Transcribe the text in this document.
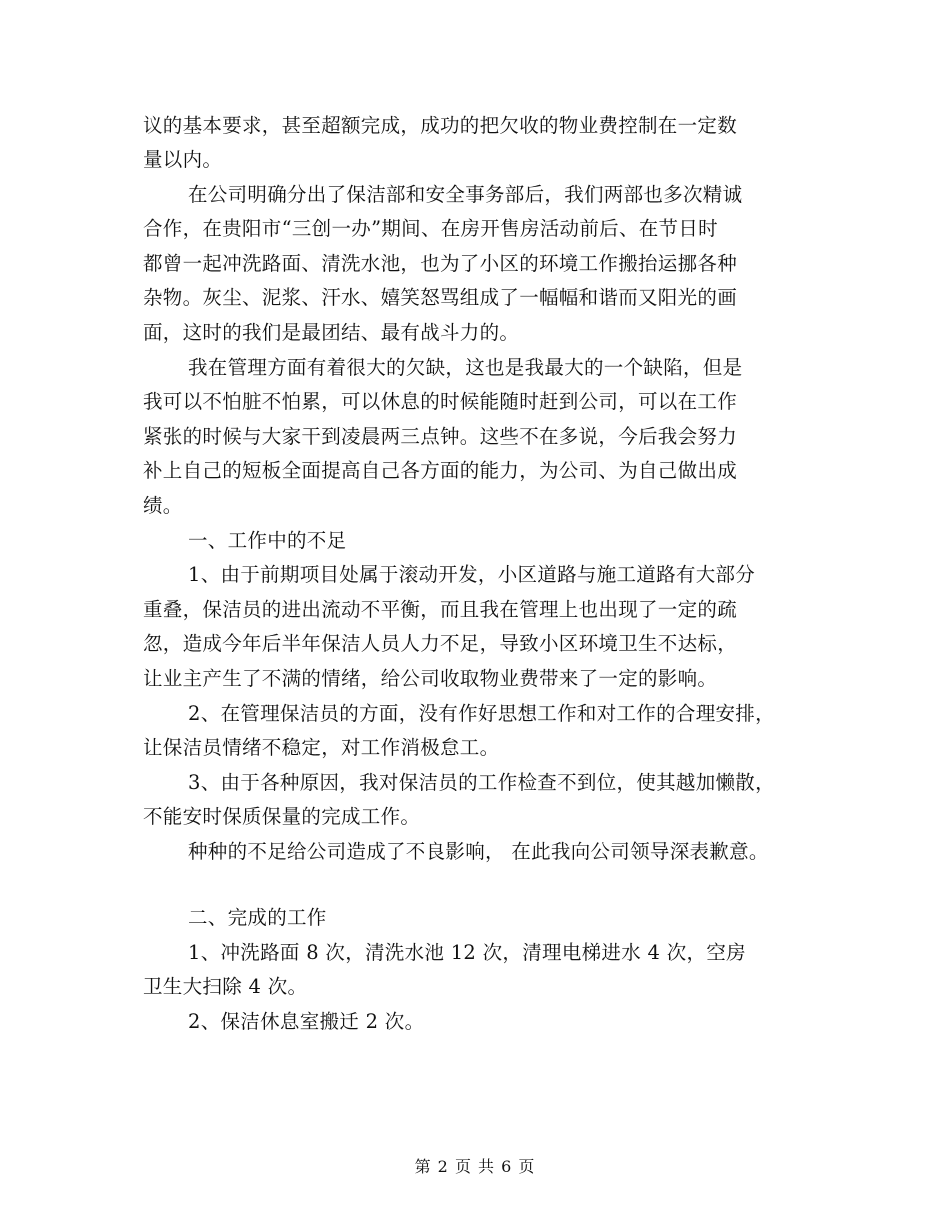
议的基本要求，甚至超额完成，成功的把欠收的物业费控制在一定数
量以内。
在公司明确分出了保洁部和安全事务部后，我们两部也多次精诚
合作，在贵阳市“三创一办”期间、在房开售房活动前后、在节日时
都曾一起冲洗路面、清洗水池，也为了小区的环境工作搬抬运挪各种
杂物。灰尘、泥浆、汗水、嬉笑怒骂组成了一幅幅和谐而又阳光的画
面，这时的我们是最团结、最有战斗力的。
我在管理方面有着很大的欠缺，这也是我最大的一个缺陷，但是
我可以不怕脏不怕累，可以休息的时候能随时赶到公司，可以在工作
紧张的时候与大家干到凌晨两三点钟。这些不在多说，今后我会努力
补上自己的短板全面提高自己各方面的能力，为公司、为自己做出成
绩。
一、工作中的不足
1、由于前期项目处属于滚动开发，小区道路与施工道路有大部分
重叠，保洁员的进出流动不平衡，而且我在管理上也出现了一定的疏
忽，造成今年后半年保洁人员人力不足，导致小区环境卫生不达标，
让业主产生了不满的情绪，给公司收取物业费带来了一定的影响。
2、在管理保洁员的方面，没有作好思想工作和对工作的合理安排，
让保洁员情绪不稳定，对工作消极怠工。
3、由于各种原因，我对保洁员的工作检查不到位，使其越加懒散，
不能安时保质保量的完成工作。
种种的不足给公司造成了不良影响， 在此我向公司领导深表歉意。
二、完成的工作
1、冲洗路面 8 次，清洗水池 12 次，清理电梯进水 4 次，空房
卫生大扫除 4 次。
2、保洁休息室搬迁 2 次。
第 2 页 共 6 页
